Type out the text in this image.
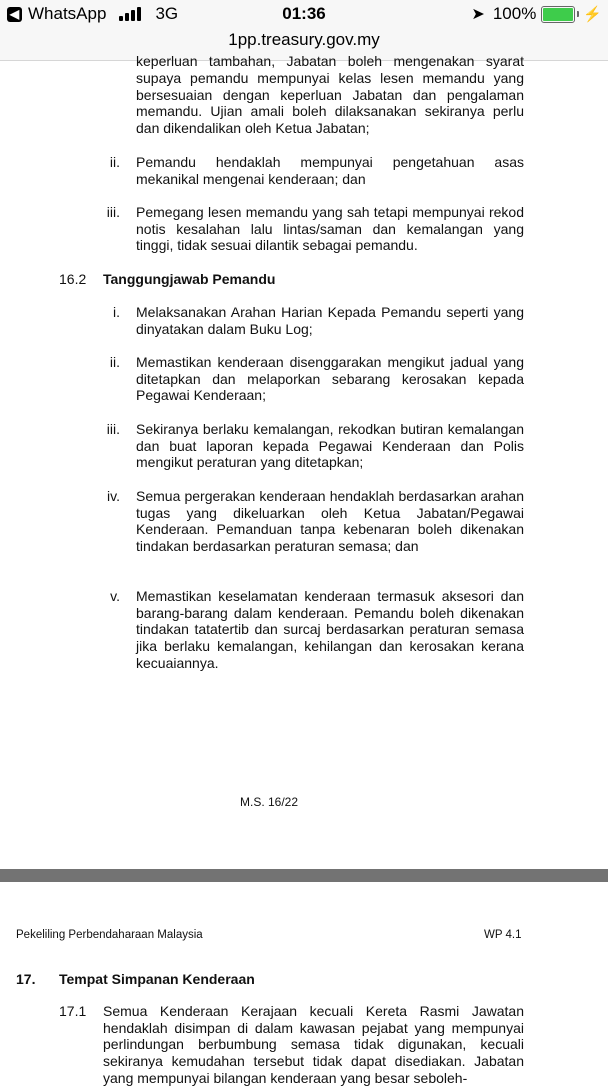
◀ WhatsApp	3G	01:36	➤ 100%	⚡
1pp.treasury.gov.my
keperluan tambahan, Jabatan boleh mengenakan syarat
supaya pemandu mempunyai kelas lesen memandu yang bersesuaian dengan keperluan Jabatan dan pengalaman memandu. Ujian amali boleh dilaksanakan sekiranya perlu dan dikendalikan oleh Ketua Jabatan;
ii. Pemandu hendaklah mempunyai pengetahuan asas mekanikal mengenai kenderaan; dan
iii. Pemegang lesen memandu yang sah tetapi mempunyai rekod notis kesalahan lalu lintas/saman dan kemalangan yang tinggi, tidak sesuai dilantik sebagai pemandu.
16.2 Tanggungjawab Pemandu
i. Melaksanakan Arahan Harian Kepada Pemandu seperti yang dinyatakan dalam Buku Log;
ii. Memastikan kenderaan disenggarakan mengikut jadual yang ditetapkan dan melaporkan sebarang kerosakan kepada Pegawai Kenderaan;
iii. Sekiranya berlaku kemalangan, rekodkan butiran kemalangan dan buat laporan kepada Pegawai Kenderaan dan Polis mengikut peraturan yang ditetapkan;
iv. Semua pergerakan kenderaan hendaklah berdasarkan arahan tugas yang dikeluarkan oleh Ketua Jabatan/Pegawai Kenderaan. Pemanduan tanpa kebenaran boleh dikenakan tindakan berdasarkan peraturan semasa; dan
v. Memastikan keselamatan kenderaan termasuk aksesori dan barang-barang dalam kenderaan. Pemandu boleh dikenakan tindakan tatatertib dan surcaj berdasarkan peraturan semasa jika berlaku kemalangan, kehilangan dan kerosakan kerana kecuaiannya.
M.S. 16/22
Pekeliling Perbendaharaan Malaysia	WP 4.1
17. Tempat Simpanan Kenderaan
17.1 Semua Kenderaan Kerajaan kecuali Kereta Rasmi Jawatan hendaklah disimpan di dalam kawasan pejabat yang mempunyai perlindungan berbumbung semasa tidak digunakan, kecuali sekiranya kemudahan tersebut tidak dapat disediakan. Jabatan yang mempunyai bilangan kenderaan yang besar seboleh-
